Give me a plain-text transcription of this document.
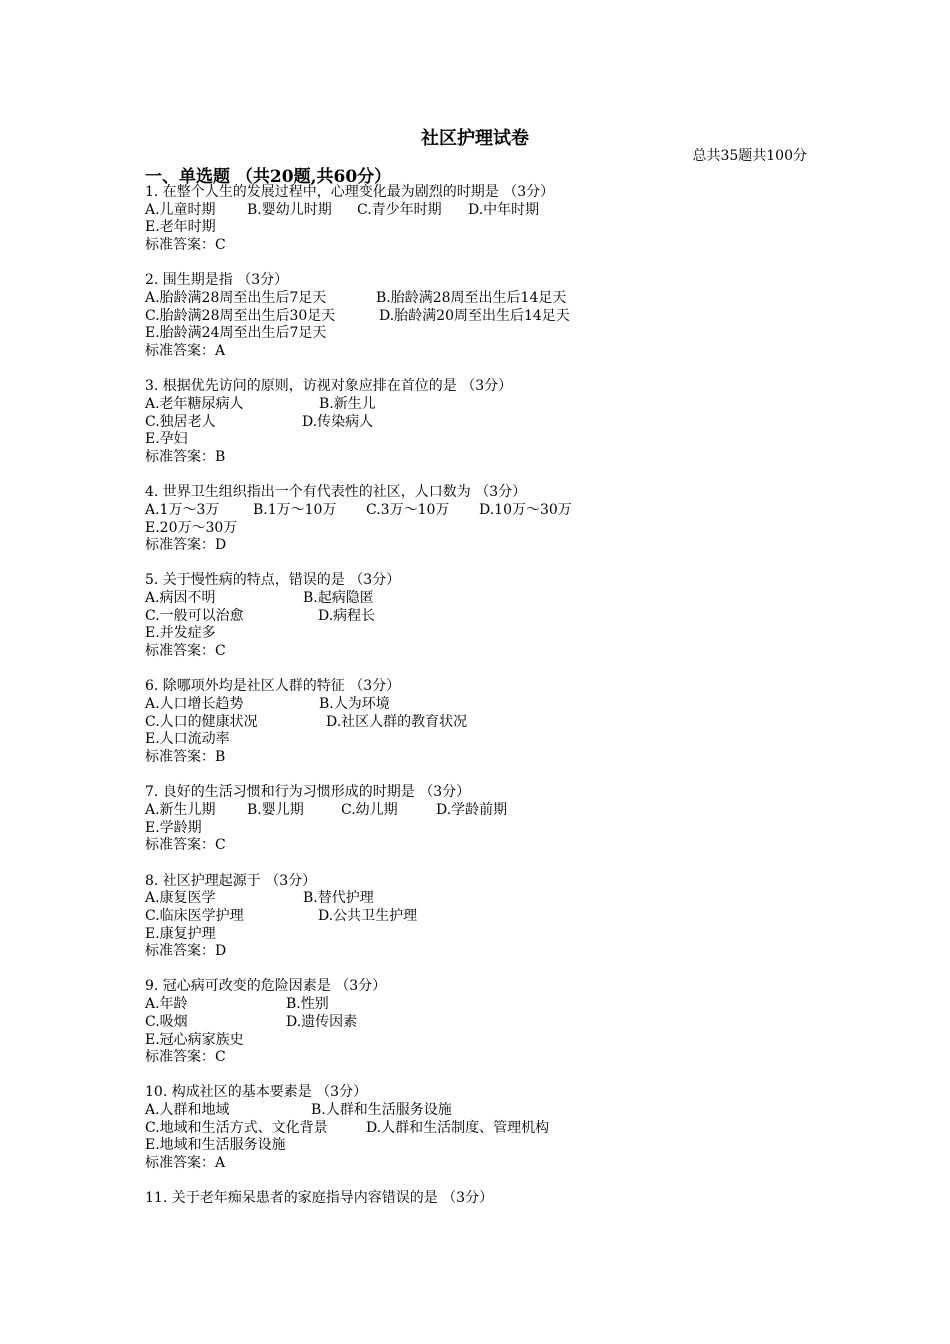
社区护理试卷
总共35题共100分
一、单选题 （共20题,共60分）
1. 在整个人生的发展过程中，心理变化最为剧烈的时期是 （3分）
A.儿童时期 B.婴幼儿时期 C.青少年时期 D.中年时期
E.老年时期
标准答案：C
2. 围生期是指 （3分）
A.胎龄满28周至出生后7足天	B.胎龄满28周至出生后14足天
C.胎龄满28周至出生后30足天	D.胎龄满20周至出生后14足天
E.胎龄满24周至出生后7足天
标准答案：A
3. 根据优先访问的原则，访视对象应排在首位的是 （3分）
A.老年糖尿病人	B.新生儿
C.独居老人	D.传染病人
E.孕妇
标准答案：B
4. 世界卫生组织指出一个有代表性的社区，人口数为 （3分）
A.1万～3万 B.1万～10万 C.3万～10万 D.10万～30万
E.20万～30万
标准答案：D
5. 关于慢性病的特点，错误的是 （3分）
A.病因不明	B.起病隐匿
C.一般可以治愈	D.病程长
E.并发症多
标准答案：C
6. 除哪项外均是社区人群的特征 （3分）
A.人口增长趋势	B.人为环境
C.人口的健康状况	D.社区人群的教育状况
E.人口流动率
标准答案：B
7. 良好的生活习惯和行为习惯形成的时期是 （3分）
A.新生儿期 B.婴儿期	C.幼儿期	D.学龄前期
E.学龄期
标准答案：C
8. 社区护理起源于 （3分）
A.康复医学	B.替代护理
C.临床医学护理	D.公共卫生护理
E.康复护理
标准答案：D
9. 冠心病可改变的危险因素是 （3分）
A.年龄	B.性别
C.吸烟	D.遗传因素
E.冠心病家族史
标准答案：C
10. 构成社区的基本要素是 （3分）
A.人群和地域	B.人群和生活服务设施
C.地域和生活方式、文化背景	D.人群和生活制度、管理机构
E.地域和生活服务设施
标准答案：A
11. 关于老年痴呆患者的家庭指导内容错误的是 （3分）
